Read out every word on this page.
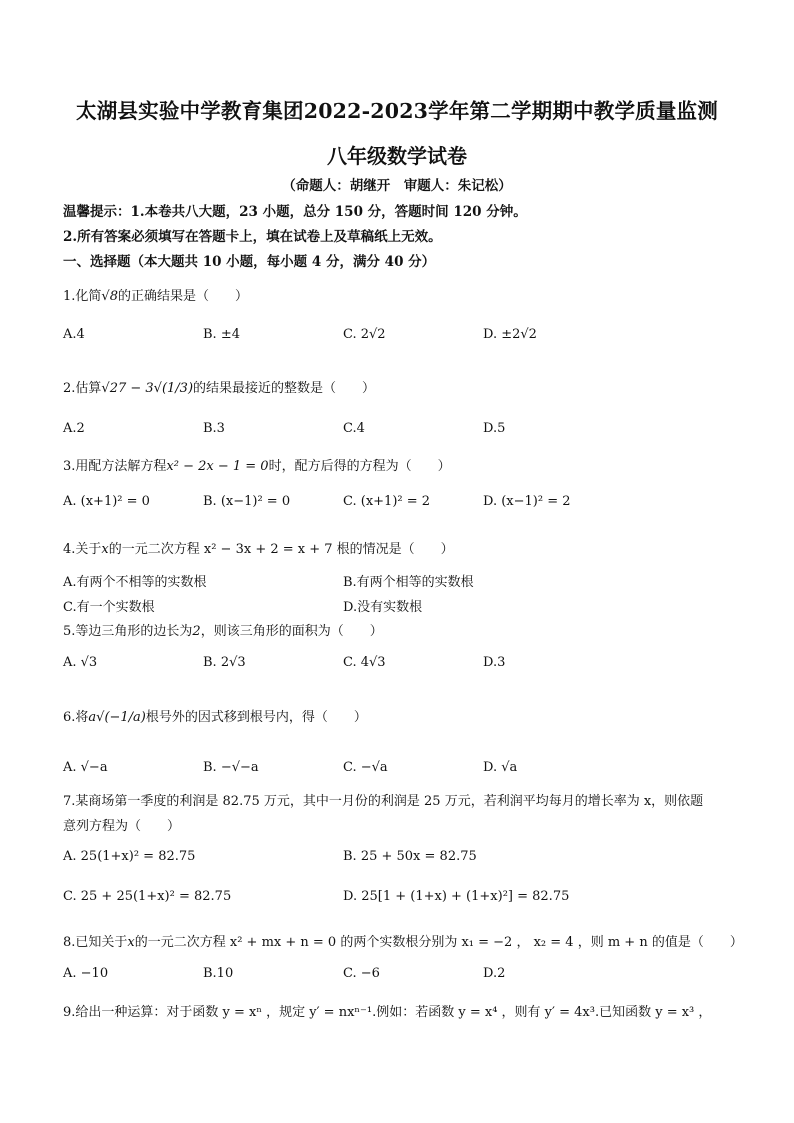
太湖县实验中学教育集团2022-2023学年第二学期期中教学质量监测
八年级数学试卷
（命题人：胡继开　审题人：朱记松）
温馨提示：1.本卷共八大题，23 小题，总分 150 分，答题时间 120 分钟。
2.所有答案必须填写在答题卡上，填在试卷上及草稿纸上无效。
一、选择题（本大题共 10 小题，每小题 4 分，满分 40 分）
1.化简√8的正确结果是（　　）
A.4	B. ±4	C. 2√2	D. ±2√2
2.估算√27 − 3√(1/3)的结果最接近的整数是（　　）
A.2	B.3	C.4	D.5
3.用配方法解方程x² − 2x − 1 = 0时，配方后得的方程为（　　）
A. (x+1)² = 0	B. (x−1)² = 0	C. (x+1)² = 2	D. (x−1)² = 2
4.关于x的一元二次方程 x² − 3x + 2 = x + 7 根的情况是（　　）
A.有两个不相等的实数根	B.有两个相等的实数根
C.有一个实数根	D.没有实数根
5.等边三角形的边长为2，则该三角形的面积为（　　）
A. √3	B. 2√3	C. 4√3	D.3
6.将a√(−1/a)根号外的因式移到根号内，得（　　）
A. √−a	B. −√−a	C. −√a	D. √a
7.某商场第一季度的利润是 82.75 万元，其中一月份的利润是 25 万元，若利润平均每月的增长率为 x，则依题
意列方程为（　　）
A. 25(1+x)² = 82.75	B. 25 + 50x = 82.75
C. 25 + 25(1+x)² = 82.75	D. 25[1 + (1+x) + (1+x)²] = 82.75
8.已知关于x的一元二次方程 x² + mx + n = 0 的两个实数根分别为 x₁ = −2 ， x₂ = 4 ，则 m + n 的值是（　　）
A. −10	B.10	C. −6	D.2
9.给出一种运算：对于函数 y = xⁿ ，规定 y′ = nxⁿ⁻¹.例如：若函数 y = x⁴ ，则有 y′ = 4x³.已知函数 y = x³ ，
